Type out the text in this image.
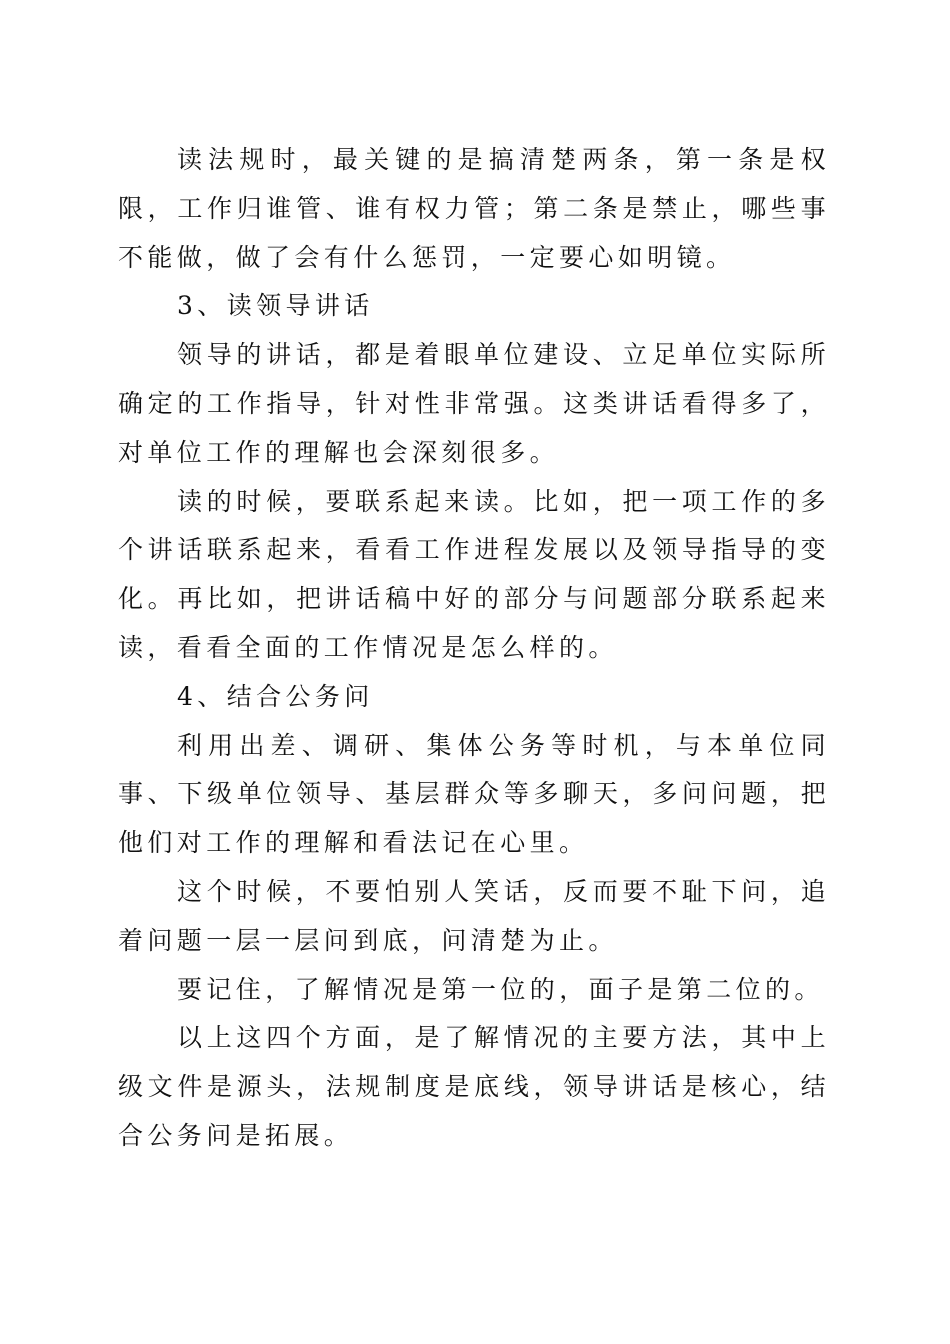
读法规时，最关键的是搞清楚两条，第一条是权限，工作归谁管、谁有权力管；第二条是禁止，哪些事不能做，做了会有什么惩罚，一定要心如明镜。

3、读领导讲话

领导的讲话，都是着眼单位建设、立足单位实际所确定的工作指导，针对性非常强。这类讲话看得多了，对单位工作的理解也会深刻很多。

读的时候，要联系起来读。比如，把一项工作的多个讲话联系起来，看看工作进程发展以及领导指导的变化。再比如，把讲话稿中好的部分与问题部分联系起来读，看看全面的工作情况是怎么样的。

4、结合公务问

利用出差、调研、集体公务等时机，与本单位同事、下级单位领导、基层群众等多聊天，多问问题，把他们对工作的理解和看法记在心里。

这个时候，不要怕别人笑话，反而要不耻下问，追着问题一层一层问到底，问清楚为止。

要记住，了解情况是第一位的，面子是第二位的。

以上这四个方面，是了解情况的主要方法，其中上级文件是源头，法规制度是底线，领导讲话是核心，结合公务问是拓展。
